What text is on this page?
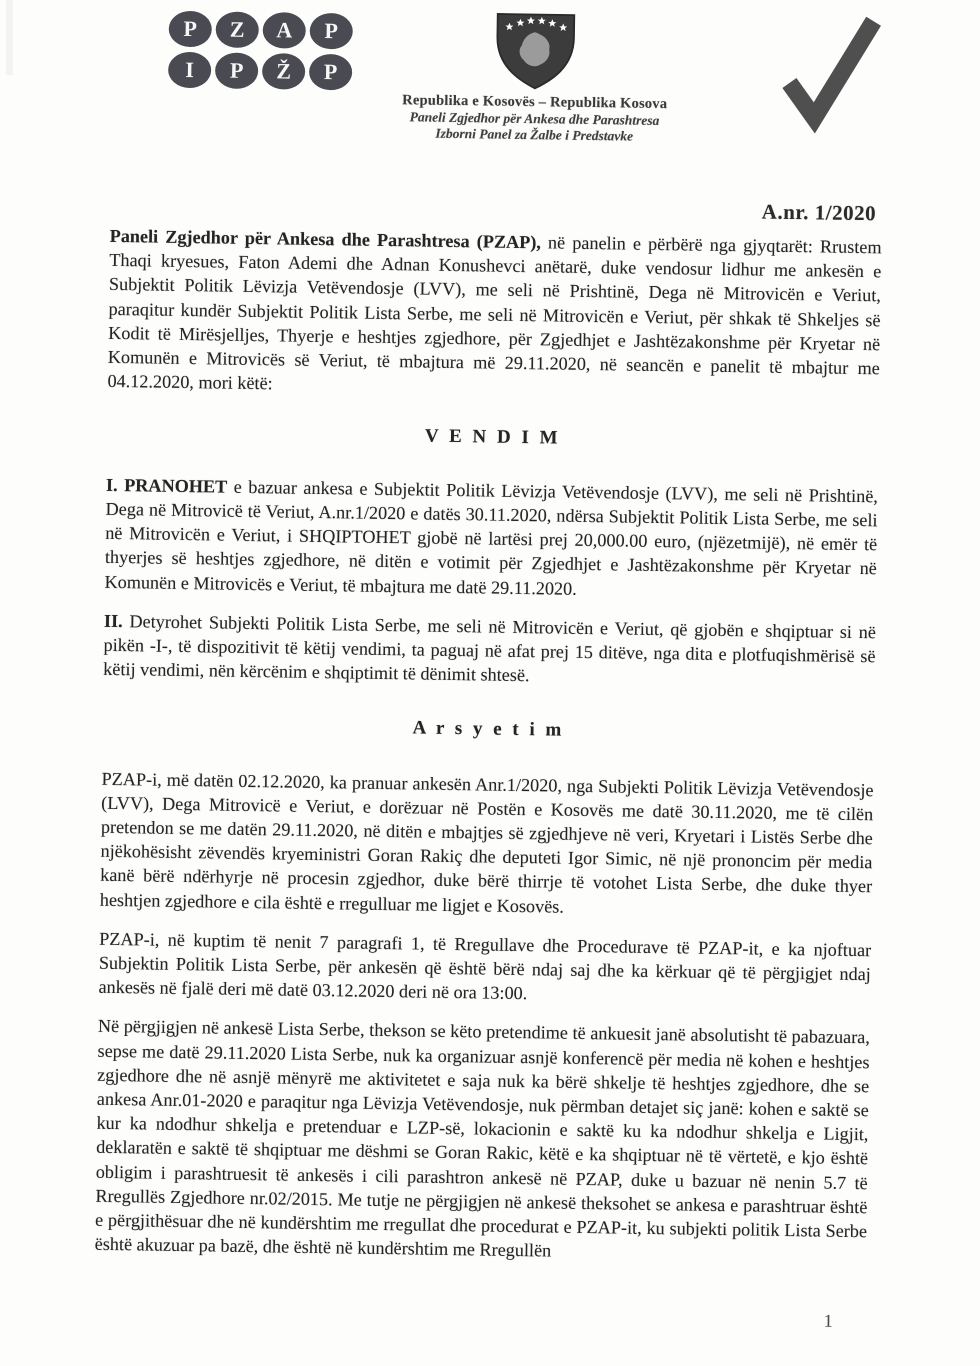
P	Z	A	P
I	P	Ž	P
Republika e Kosovës – Republika Kosova
Paneli Zgjedhor për Ankesa dhe Parashtresa
Izborni Panel za Žalbe i Predstavke
A.nr. 1/2020

Paneli Zgjedhor për Ankesa dhe Parashtresa (PZAP), në panelin e përbërë nga gjyqtarët: Rrustem Thaqi kryesues, Faton Ademi dhe Adnan Konushevci anëtarë, duke vendosur lidhur me ankesën e Subjektit Politik Lëvizja Vetëvendosje (LVV), me seli në Prishtinë, Dega në Mitrovicën e Veriut, paraqitur kundër Subjektit Politik Lista Serbe, me seli në Mitrovicën e Veriut, për shkak të Shkeljes së Kodit të Mirësjelljes, Thyerje e heshtjes zgjedhore, për Zgjedhjet e Jashtëzakonshme për Kryetar në Komunën e Mitrovicës së Veriut, të mbajtura më 29.11.2020, në seancën e panelit të mbajtur me 04.12.2020, mori këtë:

V E N D I M

I. PRANOHET e bazuar ankesa e Subjektit Politik Lëvizja Vetëvendosje (LVV), me seli në Prishtinë, Dega në Mitrovicë të Veriut, A.nr.1/2020 e datës 30.11.2020, ndërsa Subjektit Politik Lista Serbe, me seli në Mitrovicën e Veriut, i SHQIPTOHET gjobë në lartësi prej 20,000.00 euro, (njëzetmijë), në emër të thyerjes së heshtjes zgjedhore, në ditën e votimit për Zgjedhjet e Jashtëzakonshme për Kryetar në Komunën e Mitrovicës e Veriut, të mbajtura me datë 29.11.2020.

II. Detyrohet Subjekti Politik Lista Serbe, me seli në Mitrovicën e Veriut, që gjobën e shqiptuar si në pikën -I-, të dispozitivit të këtij vendimi, ta paguaj në afat prej 15 ditëve, nga dita e plotfuqishmërisë së këtij vendimi, nën kërcënim e shqiptimit të dënimit shtesë.

A r s y e t i m

PZAP-i, më datën 02.12.2020, ka pranuar ankesën Anr.1/2020, nga Subjekti Politik Lëvizja Vetëvendosje (LVV), Dega Mitrovicë e Veriut, e dorëzuar në Postën e Kosovës me datë 30.11.2020, me të cilën pretendon se me datën 29.11.2020, në ditën e mbajtjes së zgjedhjeve në veri, Kryetari i Listës Serbe dhe njëkohësisht zëvendës kryeministri Goran Rakiç dhe deputeti Igor Simic, në një prononcim për media kanë bërë ndërhyrje në procesin zgjedhor, duke bërë thirrje të votohet Lista Serbe, dhe duke thyer heshtjen zgjedhore e cila është e rregulluar me ligjet e Kosovës.

PZAP-i, në kuptim të nenit 7 paragrafi 1, të Rregullave dhe Procedurave të PZAP-it, e ka njoftuar Subjektin Politik Lista Serbe, për ankesën që është bërë ndaj saj dhe ka kërkuar që të përgjigjet ndaj ankesës në fjalë deri më datë 03.12.2020 deri në ora 13:00.

Në përgjigjen në ankesë Lista Serbe, thekson se këto pretendime të ankuesit janë absolutisht të pabazuara, sepse me datë 29.11.2020 Lista Serbe, nuk ka organizuar asnjë konferencë për media në kohen e heshtjes zgjedhore dhe në asnjë mënyrë me aktivitetet e saja nuk ka bërë shkelje të heshtjes zgjedhore, dhe se ankesa Anr.01-2020 e paraqitur nga Lëvizja Vetëvendosje, nuk përmban detajet siç janë: kohen e saktë se kur ka ndodhur shkelja e pretenduar e LZP-së, lokacionin e saktë ku ka ndodhur shkelja e Ligjit, deklaratën e saktë të shqiptuar me dëshmi se Goran Rakic, këtë e ka shqiptuar në të vërtetë, e kjo është obligim i parashtruesit të ankesës i cili parashtron ankesë në PZAP, duke u bazuar në nenin 5.7 të Rregullës Zgjedhore nr.02/2015. Me tutje ne përgjigjen në ankesë theksohet se ankesa e parashtruar është e përgjithësuar dhe në kundërshtim me rregullat dhe procedurat e PZAP-it, ku subjekti politik Lista Serbe është akuzuar pa bazë, dhe është në kundërshtim me Rregullën

1
